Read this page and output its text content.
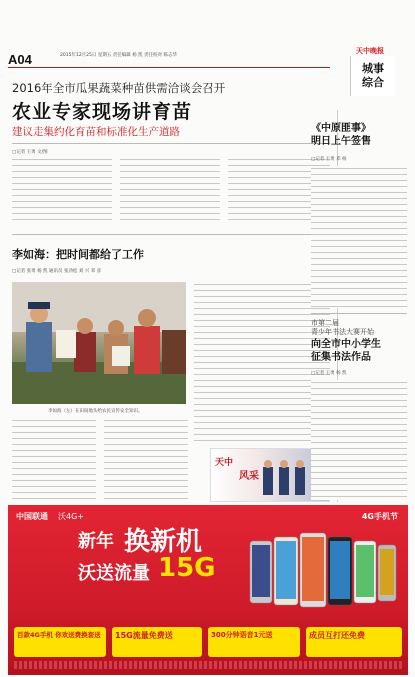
A04	2015年12月25日 星期五 责任编辑 杨 凯 责任校对 陈志华
天中晚报
城事
综合
2016年全市瓜果蔬菜种苗供需洽谈会召开
农业专家现场讲育苗
建议走集约化育苗和标准化生产道路
□记者 王勇 文/图
李如海：把时间都给了工作
□记者 张勇 杨 凯 通讯员 张劲松 刘 兴 邓 彦
李如海（左）在田间地头给农民宣传安全知识。
天中
风采
《中原匪事》
明日上午签售
□记者 王勇 邓 杨
市第二届
青少年书法大赛开始
向全市中小学生
征集书法作品
□记者 王勇 杨 凯
中国联通 沃4G+	4G手机节
新年 换新机
沃送流量 15G
百款4G手机 你欢送费换套送	15G流量免费送	300分钟语音1元送	成员互打还免费
